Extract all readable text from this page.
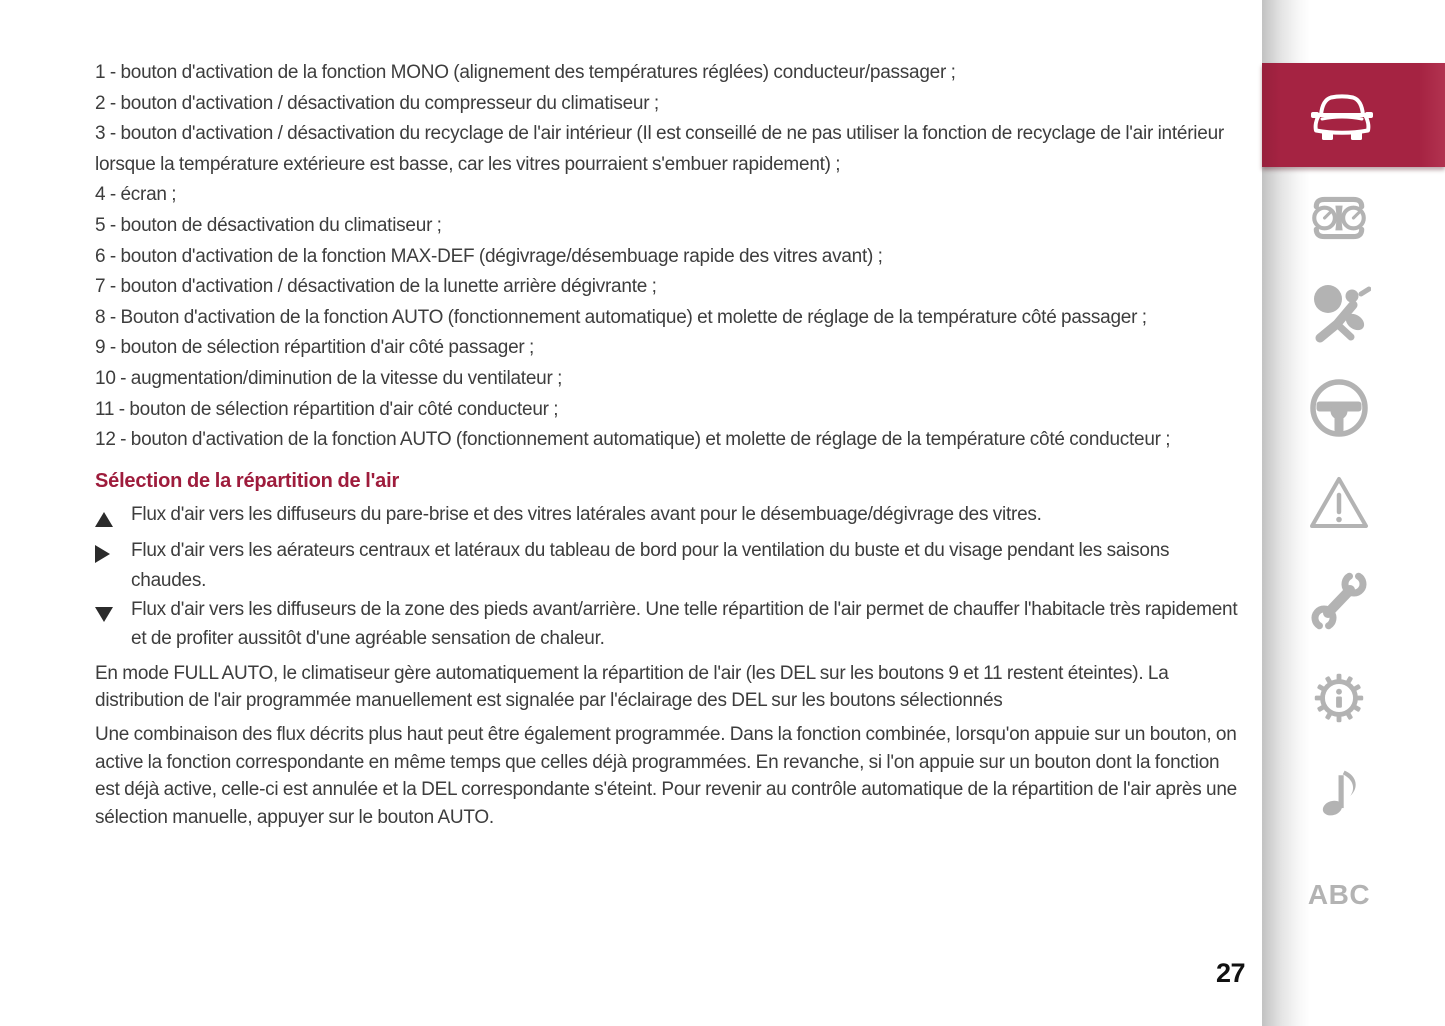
1 - bouton d'activation de la fonction MONO (alignement des températures réglées) conducteur/passager ;
2 - bouton d'activation / désactivation du compresseur du climatiseur ;
3 - bouton d'activation / désactivation du recyclage de l'air intérieur (Il est conseillé de ne pas utiliser la fonction de recyclage de l'air intérieur lorsque la température extérieure est basse, car les vitres pourraient s'embuer rapidement) ;
4 - écran ;
5 - bouton de désactivation du climatiseur ;
6 - bouton d'activation de la fonction MAX-DEF (dégivrage/désembuage rapide des vitres avant) ;
7 - bouton d'activation / désactivation de la lunette arrière dégivrante ;
8 - Bouton d'activation de la fonction AUTO (fonctionnement automatique) et molette de réglage de la température côté passager ;
9 - bouton de sélection répartition d'air côté passager ;
10 - augmentation/diminution de la vitesse du ventilateur ;
11 - bouton de sélection répartition d'air côté conducteur ;
12 - bouton d'activation de la fonction AUTO (fonctionnement automatique) et molette de réglage de la température côté conducteur ;
Sélection de la répartition de l'air
Flux d'air vers les diffuseurs du pare-brise et des vitres latérales avant pour le désembuage/dégivrage des vitres.
Flux d'air vers les aérateurs centraux et latéraux du tableau de bord pour la ventilation du buste et du visage pendant les saisons chaudes.
Flux d'air vers les diffuseurs de la zone des pieds avant/arrière. Une telle répartition de l'air permet de chauffer l'habitacle très rapidement et de profiter aussitôt d'une agréable sensation de chaleur.

En mode FULL AUTO, le climatiseur gère automatiquement la répartition de l'air (les DEL sur les boutons 9 et 11 restent éteintes). La distribution de l'air programmée manuellement est signalée par l'éclairage des DEL sur les boutons sélectionnés

Une combinaison des flux décrits plus haut peut être également programmée. Dans la fonction combinée, lorsqu'on appuie sur un bouton, on active la fonction correspondante en même temps que celles déjà programmées. En revanche, si l'on appuie sur un bouton dont la fonction est déjà active, celle-ci est annulée et la DEL correspondante s'éteint. Pour revenir au contrôle automatique de la répartition de l'air après une sélection manuelle, appuyer sur le bouton AUTO.

27
ABC
